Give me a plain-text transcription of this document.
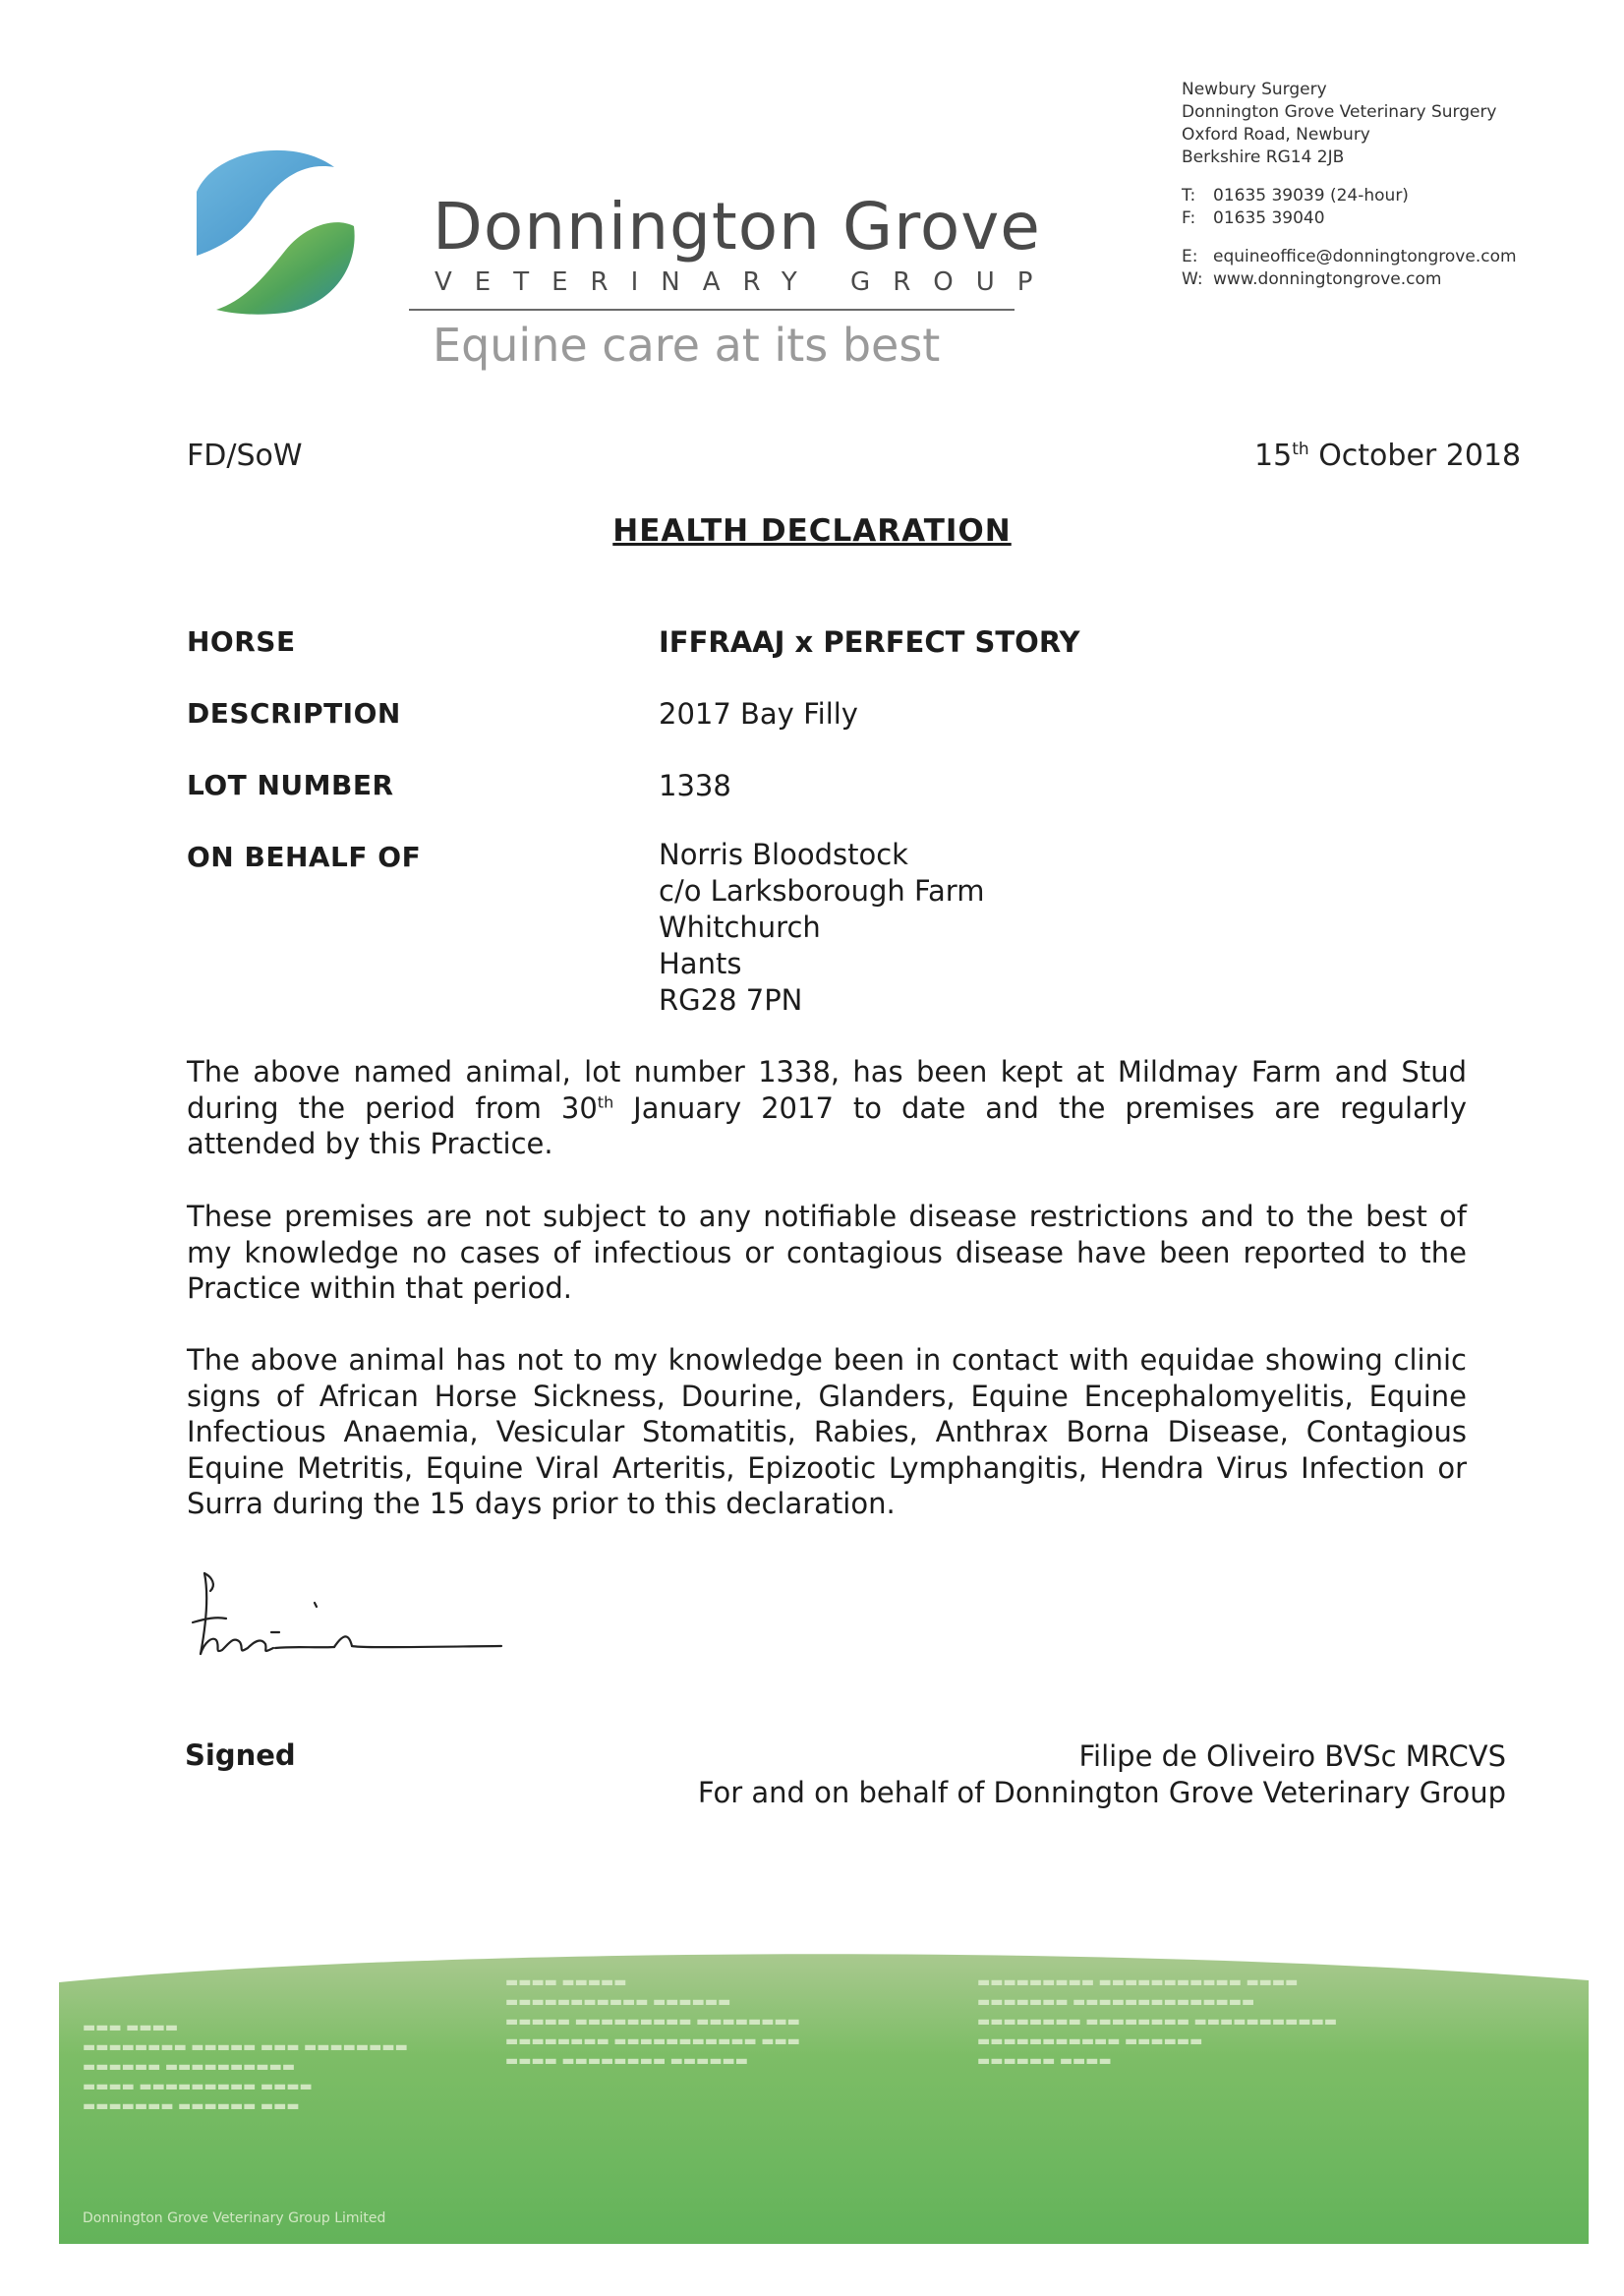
Donnington Grove
VETERINARY GROUP
Equine care at its best
Newbury Surgery
Donnington Grove Veterinary Surgery
Oxford Road, Newbury
Berkshire RG14 2JB
T: 01635 39039 (24-hour)
F: 01635 39040
E: equineoffice@donningtongrove.com
W: www.donningtongrove.com
FD/SoW	15th October 2018
HEALTH DECLARATION
HORSE	IFFRAAJ x PERFECT STORY
DESCRIPTION	2017 Bay Filly
LOT NUMBER	1338
ON BEHALF OF	Norris Bloodstock
c/o Larksborough Farm
Whitchurch
Hants
RG28 7PN
The above named animal, lot number 1338, has been kept at Mildmay Farm and Stud during the period from 30th January 2017 to date and the premises are regularly attended by this Practice.
These premises are not subject to any notifiable disease restrictions and to the best of my knowledge no cases of infectious or contagious disease have been reported to the Practice within that period.
The above animal has not to my knowledge been in contact with equidae showing clinic signs of African Horse Sickness, Dourine, Glanders, Equine Encephalomyelitis, Equine Infectious Anaemia, Vesicular Stomatitis, Rabies, Anthrax Borna Disease, Contagious Equine Metritis, Equine Viral Arteritis, Epizootic Lymphangitis, Hendra Virus Infection or Surra during the 15 days prior to this declaration.
Signed	Filipe de Oliveiro BVSc MRCVS
For and on behalf of Donnington Grove Veterinary Group
▬▬▬ ▬▬▬▬
▬▬▬▬▬▬▬▬ ▬▬▬▬▬ ▬▬▬ ▬▬▬▬▬▬▬▬
▬▬▬▬▬▬ ▬▬▬▬▬▬▬▬▬▬
▬▬▬▬ ▬▬▬▬▬▬▬▬▬ ▬▬▬▬
▬▬▬▬▬▬▬ ▬▬▬▬▬▬ ▬▬▬
▬▬▬▬ ▬▬▬▬▬
▬▬▬▬▬▬▬▬▬▬▬ ▬▬▬▬▬▬
▬▬▬▬▬ ▬▬▬▬▬▬▬▬▬ ▬▬▬▬▬▬▬▬
▬▬▬▬▬▬▬▬ ▬▬▬▬▬▬▬▬▬▬▬ ▬▬▬
▬▬▬▬ ▬▬▬▬▬▬▬▬ ▬▬▬▬▬▬
▬▬▬▬▬▬▬▬▬ ▬▬▬▬▬▬▬▬▬▬▬ ▬▬▬▬
▬▬▬▬▬▬▬ ▬▬▬▬▬▬▬▬▬▬▬▬▬▬
▬▬▬▬▬▬▬▬ ▬▬▬▬▬▬▬▬ ▬▬▬▬▬▬▬▬▬▬▬
▬▬▬▬▬▬▬▬▬▬▬ ▬▬▬▬▬▬
▬▬▬▬▬▬ ▬▬▬▬
Donnington Grove Veterinary Group Limited
